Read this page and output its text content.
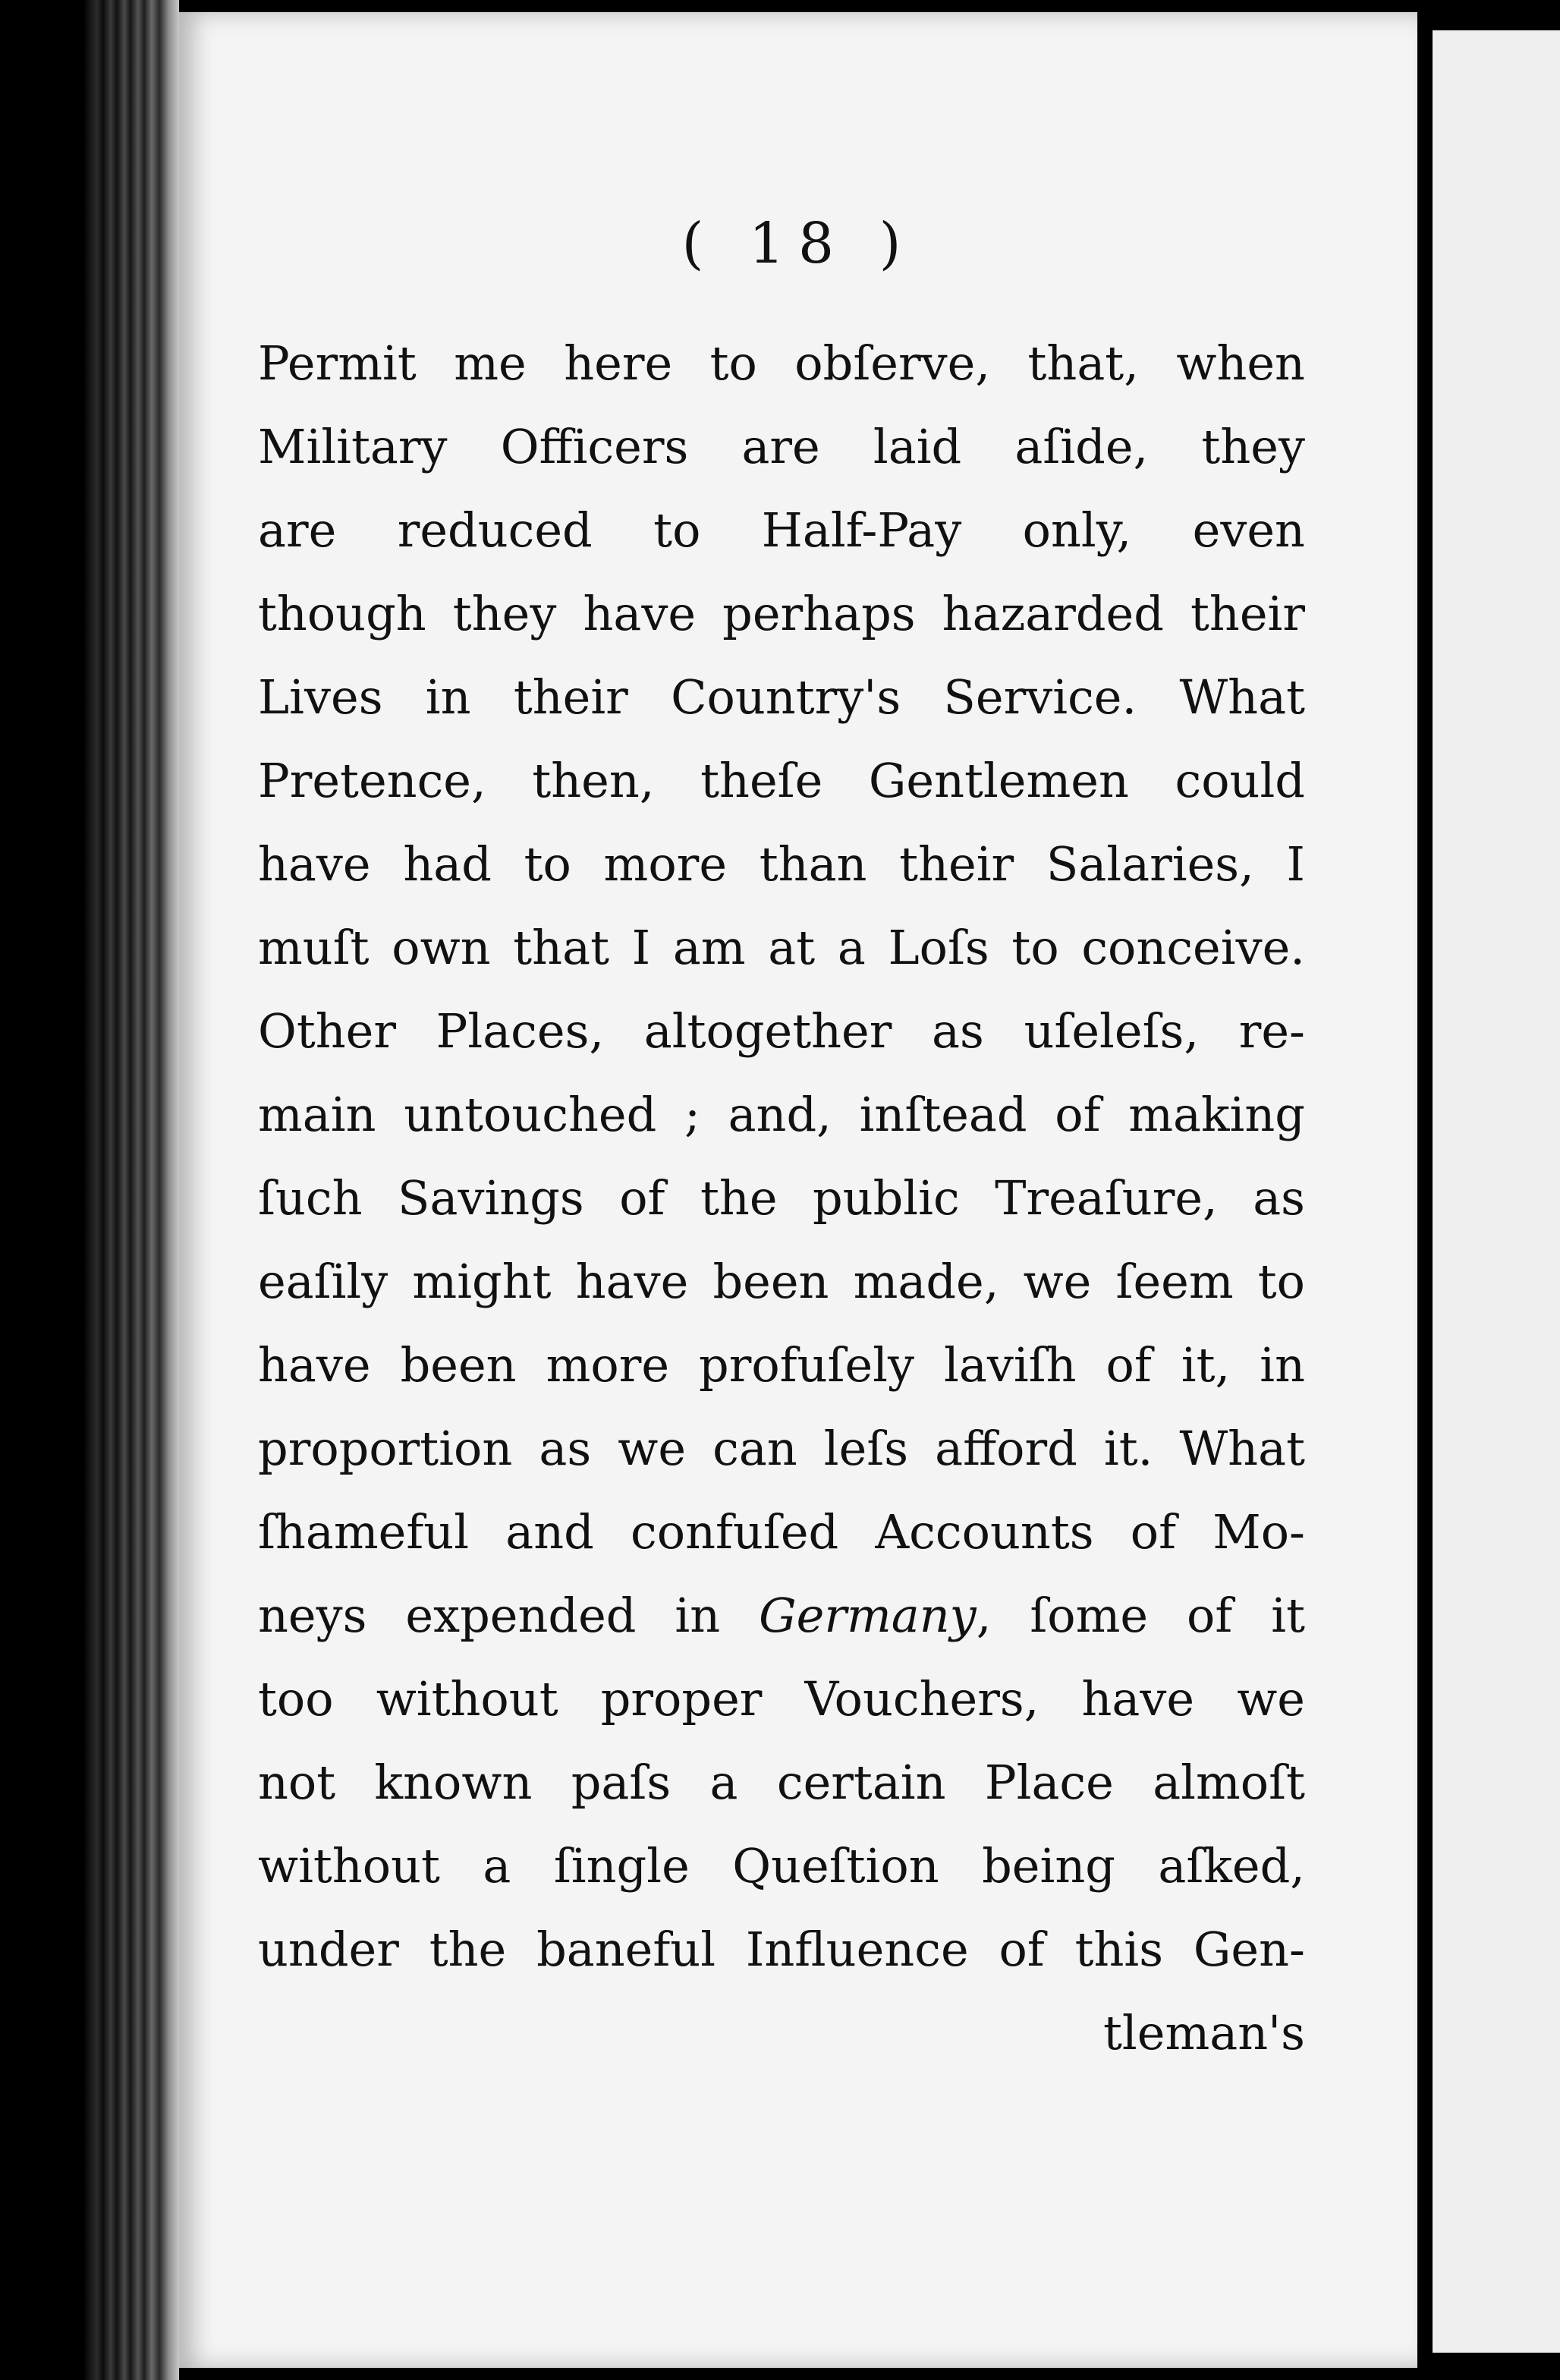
( 18 )
Permit me here to obſerve, that, when
Military Officers are laid aſide, they
are reduced to Half-Pay only, even
though they have perhaps hazarded their
Lives in their Country's Service. What
Pretence, then, theſe Gentlemen could
have had to more than their Salaries, I
muſt own that I am at a Loſs to conceive.
Other Places, altogether as uſeleſs, re-
main untouched ; and, inſtead of making
ſuch Savings of the public Treaſure, as
eaſily might have been made, we ſeem to
have been more profuſely laviſh of it, in
proportion as we can leſs afford it. What
ſhameful and confuſed Accounts of Mo-
neys expended in Germany, ſome of it
too without proper Vouchers, have we
not known paſs a certain Place almoſt
without a ſingle Queſtion being aſked,
under the baneful Influence of this Gen-
tleman's
